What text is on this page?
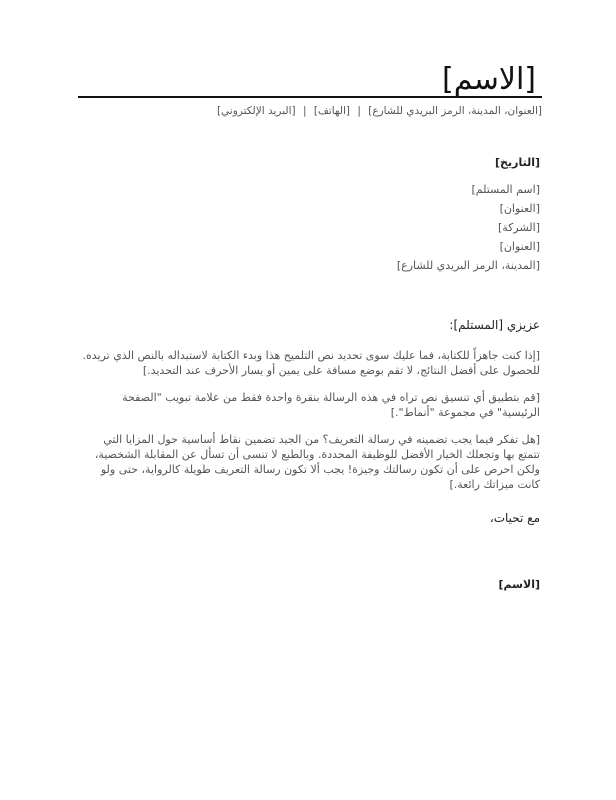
[الاسم]
[العنوان، المدينة، الرمز البريدي للشارع] | [الهاتف] | [البريد الإلكتروني]
[التاريخ]
[اسم المستلم]
[العنوان]
[الشركة]
[العنوان]
[المدينة، الرمز البريدي للشارع]
عزيزي [المستلم]:

[إذا كنت جاهزاً للكتابة، فما عليك سوى تحديد نص التلميح هذا وبدء الكتابة لاستبداله بالنص الذي تريده. للحصول على أفضل النتائج، لا تقم بوضع مسافة على يمين أو يسار الأحرف عند التحديد.]

[قم بتطبيق أي تنسيق نص تراه في هذه الرسالة بنقرة واحدة فقط من علامة تبويب "الصفحة الرئيسية" في مجموعة "أنماط".]

[هل تفكر فيما يجب تضمينه في رسالة التعريف؟ من الجيد تضمين نقاط أساسية حول المزايا التي تتمتع بها وتجعلك الخيار الأفضل للوظيفة المحددة. وبالطبع لا تنسى أن تسأل عن المقابلة الشخصية، ولكن احرص على أن تكون رسالتك وجيزة! يجب ألا تكون رسالة التعريف طويلة كالرواية، حتى ولو كانت ميزاتك رائعة.]

مع تحيات،
[الاسم]
